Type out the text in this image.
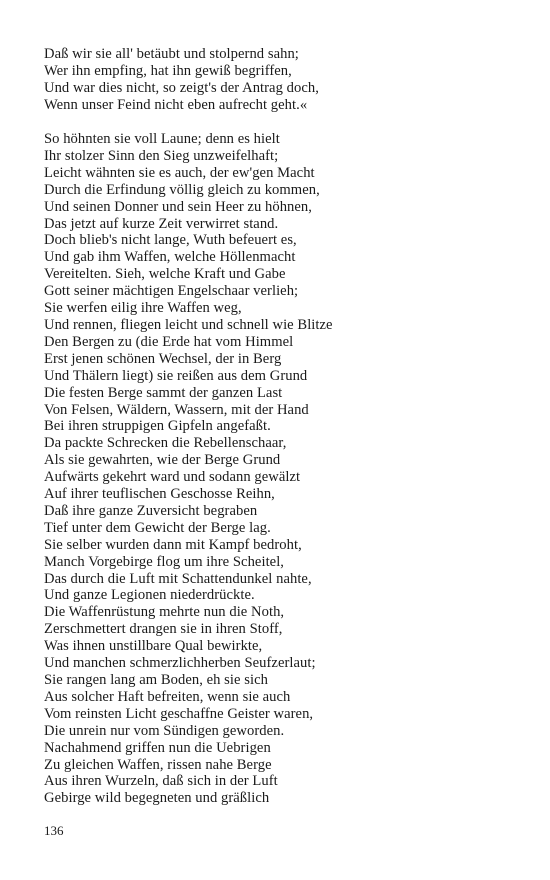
Daß wir sie all' betäubt und stolpernd sahn;
Wer ihn empfing, hat ihn gewiß begriffen,
Und war dies nicht, so zeigt's der Antrag doch,
Wenn unser Feind nicht eben aufrecht geht.«
So höhnten sie voll Laune; denn es hielt
Ihr stolzer Sinn den Sieg unzweifelhaft;
Leicht wähnten sie es auch, der ew'gen Macht
Durch die Erfindung völlig gleich zu kommen,
Und seinen Donner und sein Heer zu höhnen,
Das jetzt auf kurze Zeit verwirret stand.
Doch blieb's nicht lange, Wuth befeuert es,
Und gab ihm Waffen, welche Höllenmacht
Vereitelten. Sieh, welche Kraft und Gabe
Gott seiner mächtigen Engelschaar verlieh;
Sie werfen eilig ihre Waffen weg,
Und rennen, fliegen leicht und schnell wie Blitze
Den Bergen zu (die Erde hat vom Himmel
Erst jenen schönen Wechsel, der in Berg
Und Thälern liegt) sie reißen aus dem Grund
Die festen Berge sammt der ganzen Last
Von Felsen, Wäldern, Wassern, mit der Hand
Bei ihren struppigen Gipfeln angefaßt.
Da packte Schrecken die Rebellenschaar,
Als sie gewahrten, wie der Berge Grund
Aufwärts gekehrt ward und sodann gewälzt
Auf ihrer teuflischen Geschosse Reihn,
Daß ihre ganze Zuversicht begraben
Tief unter dem Gewicht der Berge lag.
Sie selber wurden dann mit Kampf bedroht,
Manch Vorgebirge flog um ihre Scheitel,
Das durch die Luft mit Schattendunkel nahte,
Und ganze Legionen niederdrückte.
Die Waffenrüstung mehrte nun die Noth,
Zerschmettert drangen sie in ihren Stoff,
Was ihnen unstillbare Qual bewirkte,
Und manchen schmerzlichherben Seufzerlaut;
Sie rangen lang am Boden, eh sie sich
Aus solcher Haft befreiten, wenn sie auch
Vom reinsten Licht geschaffne Geister waren,
Die unrein nur vom Sündigen geworden.
Nachahmend griffen nun die Uebrigen
Zu gleichen Waffen, rissen nahe Berge
Aus ihren Wurzeln, daß sich in der Luft
Gebirge wild begegneten und gräßlich
136
